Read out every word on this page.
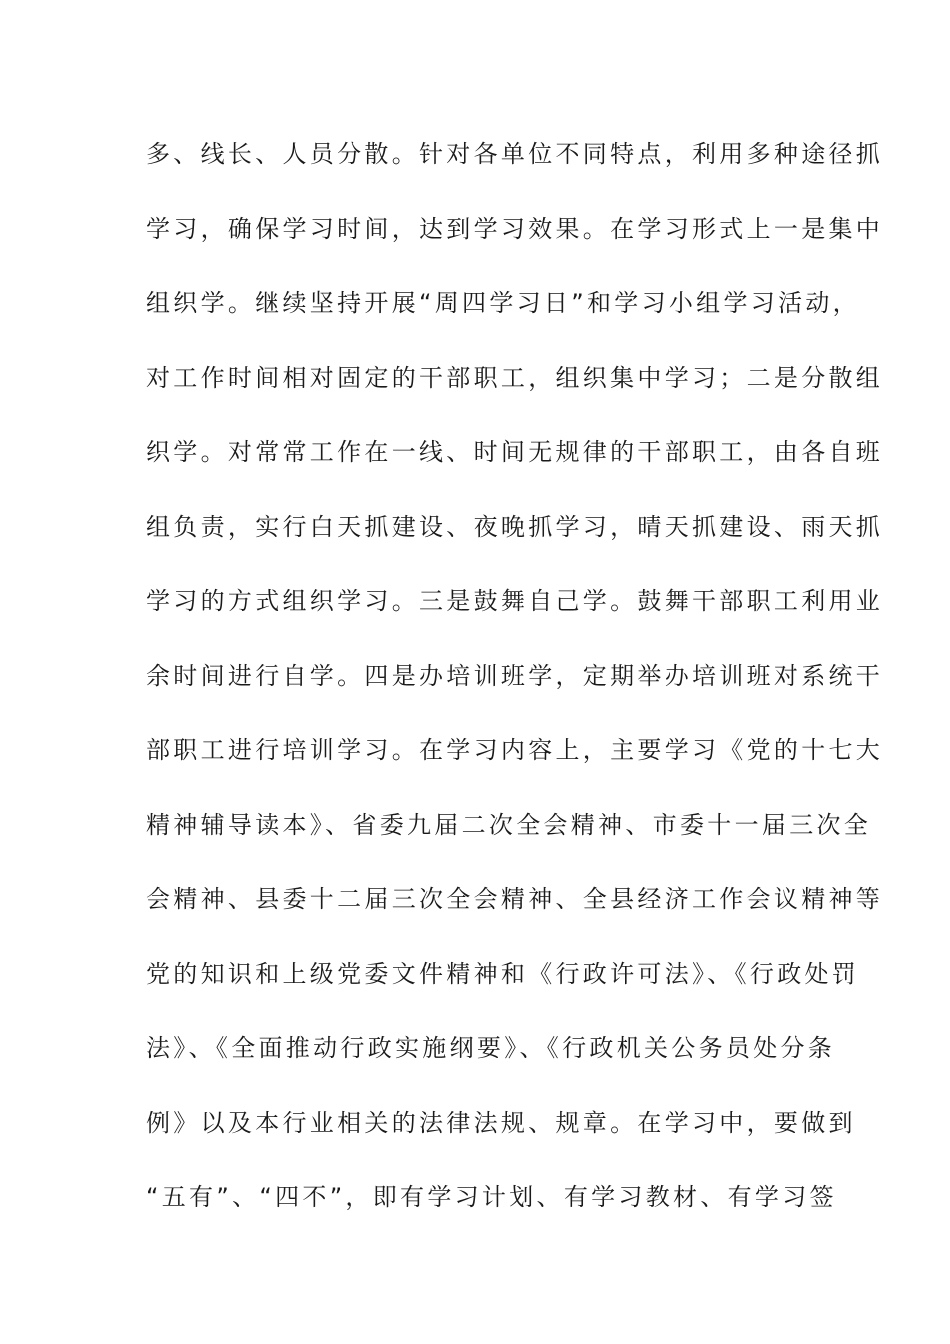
多、线长、人员分散。针对各单位不同特点，利用多种途径抓
学习，确保学习时间，达到学习效果。在学习形式上一是集中
组织学。继续坚持开展“周四学习日”和学习小组学习活动，
对工作时间相对固定的干部职工，组织集中学习；二是分散组
织学。对常常工作在一线、时间无规律的干部职工，由各自班
组负责，实行白天抓建设、夜晚抓学习，晴天抓建设、雨天抓
学习的方式组织学习。三是鼓舞自己学。鼓舞干部职工利用业
余时间进行自学。四是办培训班学，定期举办培训班对系统干
部职工进行培训学习。在学习内容上，主要学习《党的十七大
精神辅导读本》、省委九届二次全会精神、市委十一届三次全
会精神、县委十二届三次全会精神、全县经济工作会议精神等
党的知识和上级党委文件精神和《行政许可法》、《行政处罚
法》、《全面推动行政实施纲要》、《行政机关公务员处分条
例》以及本行业相关的法律法规、规章。在学习中，要做到
“五有”、“四不”，即有学习计划、有学习教材、有学习签
